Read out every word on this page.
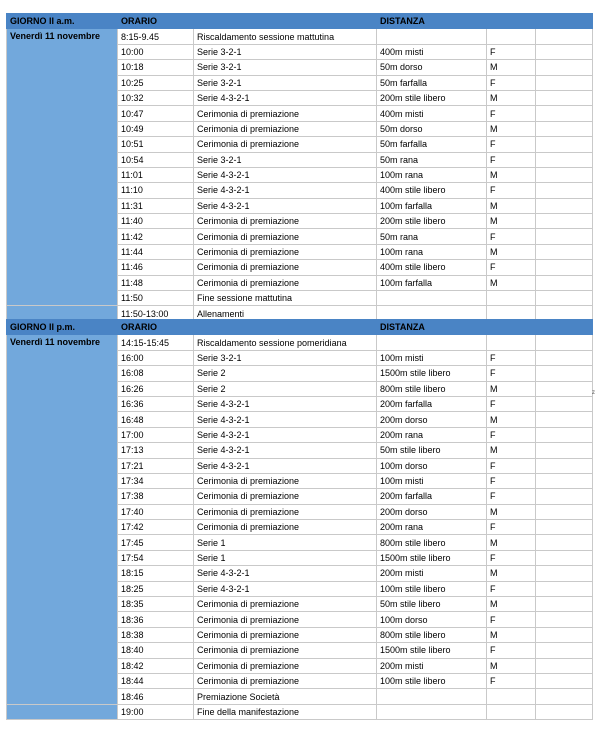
GIORNO II a.m.	ORARIO		DISTANZA		
Venerdì 11 novembre	8:15-9.45	Riscaldamento sessione mattutina			
	10:00	Serie 3-2-1	400m misti	F	
	10:18	Serie 3-2-1	50m dorso	M	
	10:25	Serie 3-2-1	50m farfalla	F	
	10:32	Serie 4-3-2-1	200m stile libero	M	
	10:47	Cerimonia di premiazione	400m misti	F	
	10:49	Cerimonia di premiazione	50m dorso	M	
	10:51	Cerimonia di premiazione	50m farfalla	F	
	10:54	Serie 3-2-1	50m rana	F	
	11:01	Serie 4-3-2-1	100m rana	M	
	11:10	Serie 4-3-2-1	400m stile libero	F	
	11:31	Serie 4-3-2-1	100m farfalla	M	
	11:40	Cerimonia di premiazione	200m stile libero	M	
	11:42	Cerimonia di premiazione	50m rana	F	
	11:44	Cerimonia di premiazione	100m rana	M	
	11:46	Cerimonia di premiazione	400m stile libero	F	
	11:48	Cerimonia di premiazione	100m farfalla	M	
	11:50	Fine sessione mattutina			
	11:50-13:00	Allenamenti			
GIORNO II p.m.	ORARIO		DISTANZA		
Venerdì 11 novembre	14:15-15:45	Riscaldamento sessione pomeridiana			
	16:00	Serie 3-2-1	100m misti	F	
	16:08	Serie 2	1500m stile libero	F	
	16:26	Serie 2	800m stile libero	M	
	16:36	Serie 4-3-2-1	200m farfalla	F	
	16:48	Serie 4-3-2-1	200m dorso	M	
	17:00	Serie 4-3-2-1	200m rana	F	
	17:13	Serie 4-3-2-1	50m stile libero	M	
	17:21	Serie 4-3-2-1	100m dorso	F	
	17:34	Cerimonia di premiazione	100m misti	F	
	17:38	Cerimonia di premiazione	200m farfalla	F	
	17:40	Cerimonia di premiazione	200m dorso	M	
	17:42	Cerimonia di premiazione	200m rana	F	
	17:45	Serie 1	800m stile libero	M	
	17:54	Serie 1	1500m stile libero	F	
	18:15	Serie 4-3-2-1	200m misti	M	
	18:25	Serie 4-3-2-1	100m stile libero	F	
	18:35	Cerimonia di premiazione	50m stile libero	M	
	18:36	Cerimonia di premiazione	100m dorso	F	
	18:38	Cerimonia di premiazione	800m stile libero	M	
	18:40	Cerimonia di premiazione	1500m stile libero	F	
	18:42	Cerimonia di premiazione	200m misti	M	
	18:44	Cerimonia di premiazione	100m stile libero	F	
	18:46	Premiazione Società			
	19:00	Fine della manifestazione			
z
